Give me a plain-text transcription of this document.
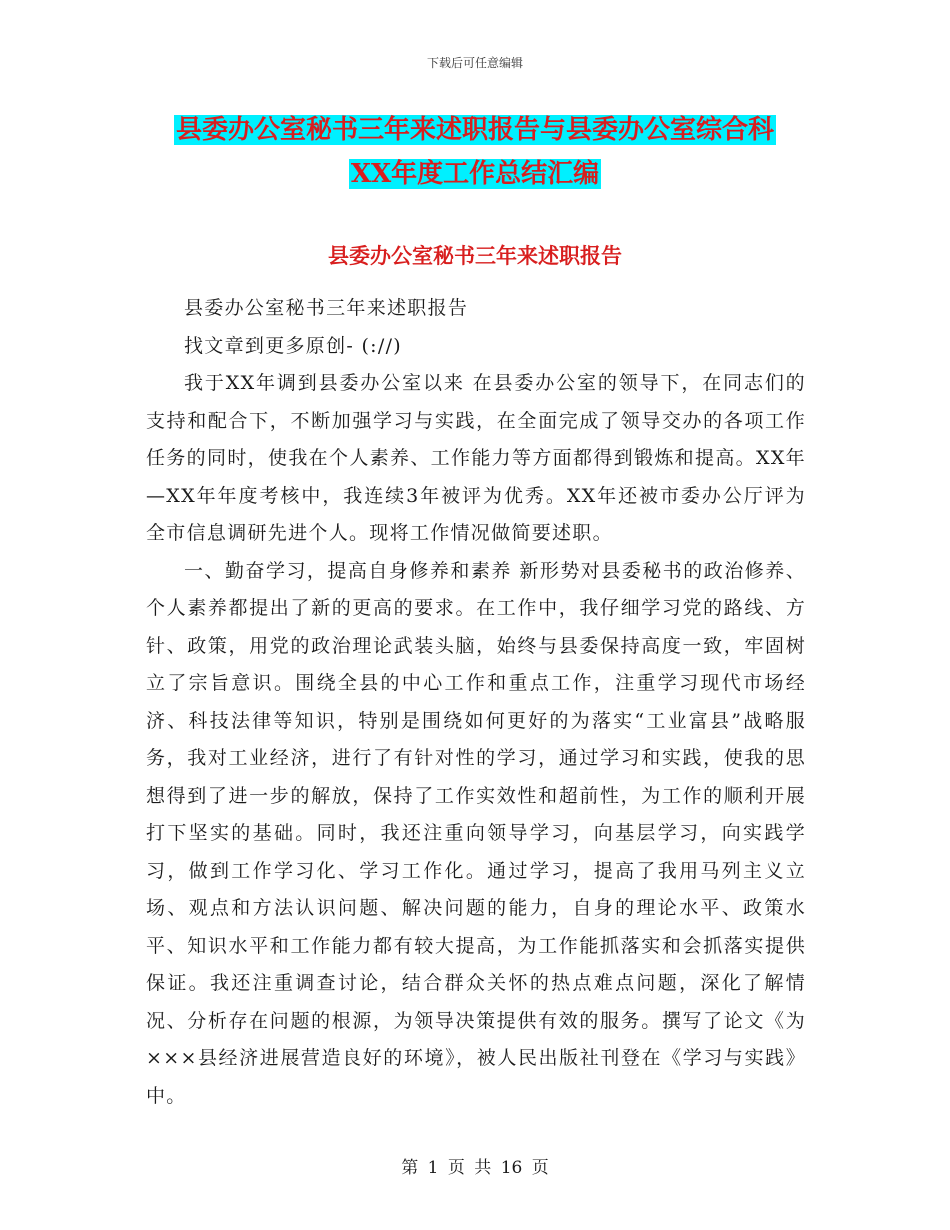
下载后可任意编辑
县委办公室秘书三年来述职报告与县委办公室综合科
XX年度工作总结汇编
县委办公室秘书三年来述职报告

县委办公室秘书三年来述职报告

找文章到更多原创- (://)

我于XX年调到县委办公室以来 在县委办公室的领导下，在同志们的支持和配合下，不断加强学习与实践，在全面完成了领导交办的各项工作任务的同时，使我在个人素养、工作能力等方面都得到锻炼和提高。XX年—XX年年度考核中，我连续3年被评为优秀。XX年还被市委办公厅评为全市信息调研先进个人。现将工作情况做简要述职。

一、勤奋学习，提高自身修养和素养 新形势对县委秘书的政治修养、个人素养都提出了新的更高的要求。在工作中，我仔细学习党的路线、方针、政策，用党的政治理论武装头脑，始终与县委保持高度一致，牢固树立了宗旨意识。围绕全县的中心工作和重点工作，注重学习现代市场经济、科技法律等知识，特别是围绕如何更好的为落实“工业富县”战略服务，我对工业经济，进行了有针对性的学习，通过学习和实践，使我的思想得到了进一步的解放，保持了工作实效性和超前性，为工作的顺利开展打下坚实的基础。同时，我还注重向领导学习，向基层学习，向实践学习，做到工作学习化、学习工作化。通过学习，提高了我用马列主义立场、观点和方法认识问题、解决问题的能力，自身的理论水平、政策水平、知识水平和工作能力都有较大提高，为工作能抓落实和会抓落实提供保证。我还注重调查讨论，结合群众关怀的热点难点问题，深化了解情况、分析存在问题的根源，为领导决策提供有效的服务。撰写了论文《为×××县经济进展营造良好的环境》，被人民出版社刊登在《学习与实践》中。

第 1 页 共 16 页
